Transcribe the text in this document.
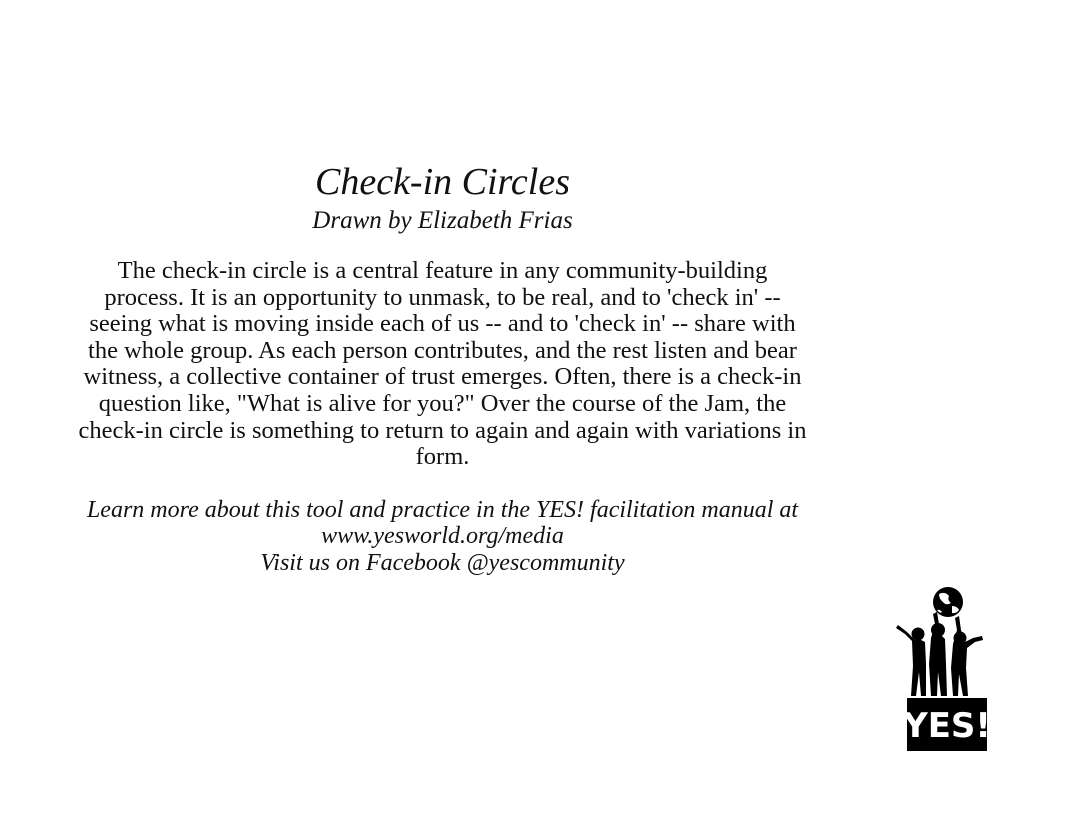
Check-in Circles
Drawn by Elizabeth Frias

The check-in circle is a central feature in any community-building process. It is an opportunity to unmask, to be real, and to 'check in' -- seeing what is moving inside each of us -- and to 'check in' -- share with the whole group. As each person contributes, and the rest listen and bear witness, a collective container of trust emerges. Often, there is a check-in question like, "What is alive for you?" Over the course of the Jam, the check-in circle is something to return to again and again with variations in form.

Learn more about this tool and practice in the YES! facilitation manual at
www.yesworld.org/media
Visit us on Facebook @yescommunity
YES!
